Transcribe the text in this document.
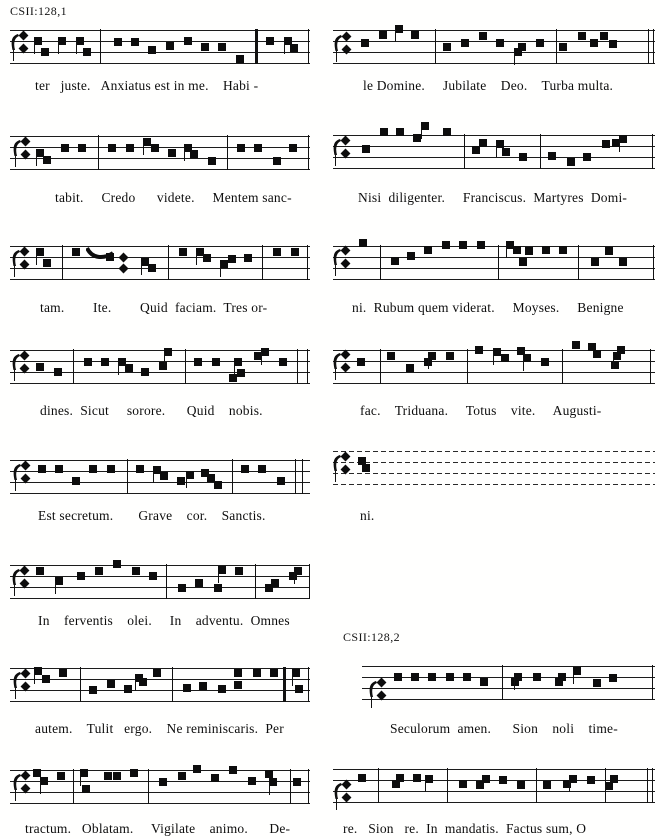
CSII:128,1
CSII:128,2
ter   juste.   Anxiatus est in me.    Habi -
tabit.     Credo      videte.     Mentem sanc-
tam.        Ite.        Quid  faciam.  Tres or-
dines.  Sicut     sorore.      Quid    nobis.
Est secretum.       Grave    cor.    Sanctis.
In    ferventis    olei.     In    adventu.  Omnes
autem.    Tulit   ergo.    Ne reminiscaris.  Per
tractum.   Oblatam.     Vigilate    animo.      De-
le Domine.     Jubilate    Deo.    Turba multa.
Nisi  diligenter.     Franciscus.  Martyres  Domi-
ni.  Rubum quem viderat.     Moyses.     Benigne
fac.    Triduana.     Totus    vite.     Augusti-
ni.
Seculorum  amen.      Sion    noli    time-
re.   Sion   re.  In  mandatis.  Factus sum, O
